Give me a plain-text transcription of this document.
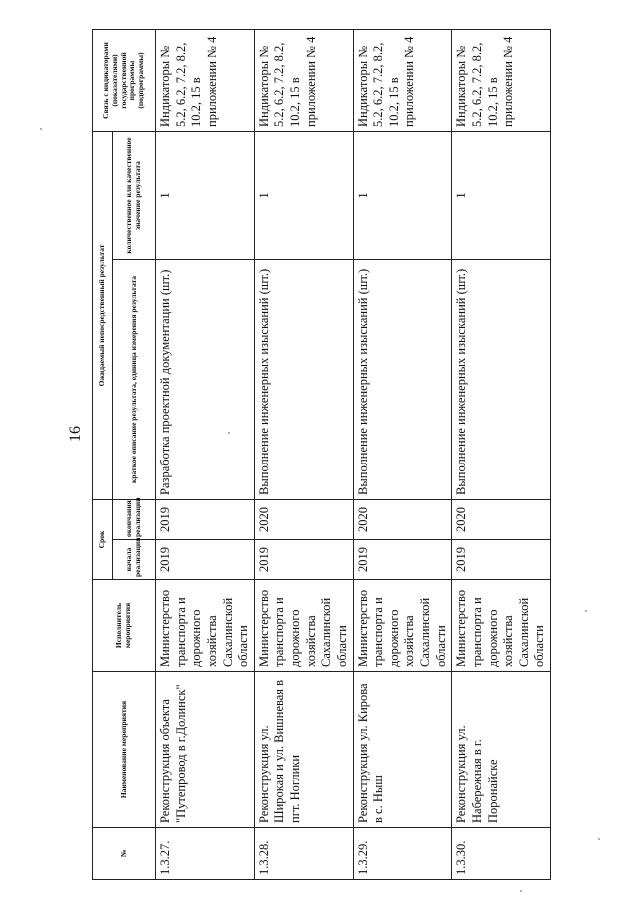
16
№	Наименование мероприятия	Исполнитель мероприятия	Срок		Ожидаемый непосредственный результат		Связь с индикаторами (показателями) государственной программы (подпрограммы)
			начала реализации	окончания реализации	краткое описание результата, единица измерения результата	количественное или качественное значение результата	
1.3.27.	Реконструкция объекта "Путепровод в г.Долинск"	Министерство транспорта и дорожного хозяйства Сахалинской области	2019	2019	Разработка проектной документации (шт.)	1	Индикаторы № 5.2, 6.2, 7.2, 8.2, 10.2, 15 в приложении № 4
1.3.28.	Реконструкция ул. Широкая и ул. Вишневая в пгт. Ноглики	Министерство транспорта и дорожного хозяйства Сахалинской области	2019	2020	Выполнение инженерных изысканий (шт.)	1	Индикаторы № 5.2, 6.2, 7.2, 8.2, 10.2, 15 в приложении № 4
1.3.29.	Реконструкция ул. Кирова в с. Ныш	Министерство транспорта и дорожного хозяйства Сахалинской области	2019	2020	Выполнение инженерных изысканий (шт.)	1	Индикаторы № 5.2, 6.2, 7.2, 8.2, 10.2, 15 в приложении № 4
1.3.30.	Реконструкция ул. Набережная в г. Поронайске	Министерство транспорта и дорожного хозяйства Сахалинской области	2019	2020	Выполнение инженерных изысканий (шт.)	1	Индикаторы № 5.2, 6.2, 7.2, 8.2, 10.2, 15 в приложении № 4
